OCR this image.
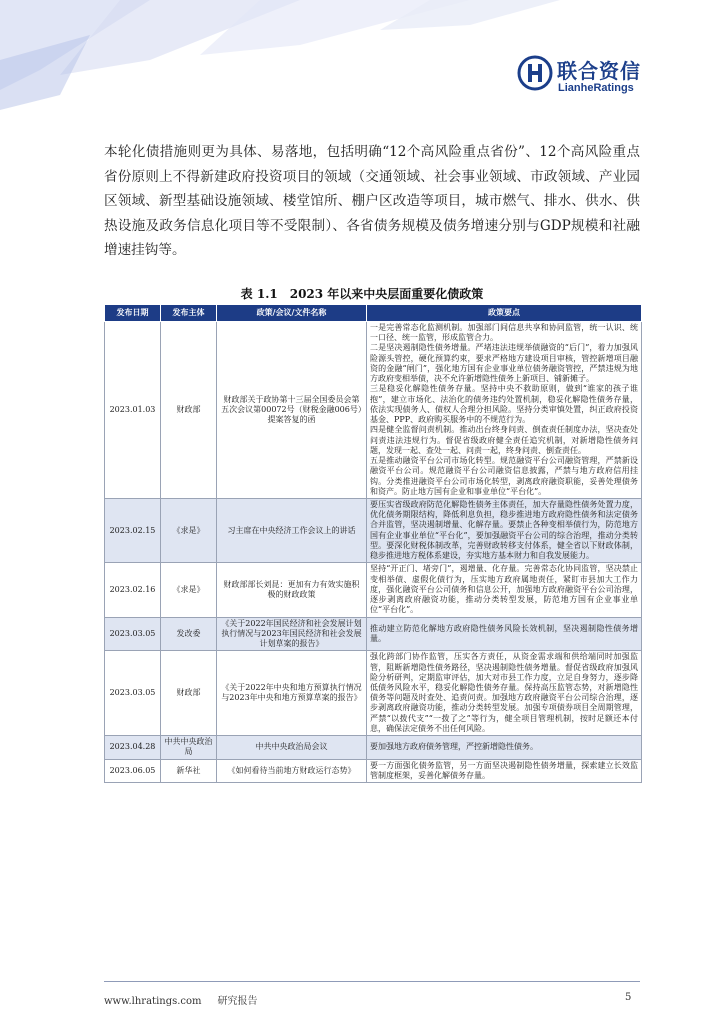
联合资信
LianheRatings

本轮化债措施则更为具体、易落地，包括明确“12个高风险重点省份”、12个高风险重点省份原则上不得新建政府投资项目的领域（交通领域、社会事业领域、市政领域、产业园区领域、新型基础设施领域、楼堂馆所、棚户区改造等项目，城市燃气、排水、供水、供热设施及政务信息化项目等不受限制）、各省债务规模及债务增速分别与GDP规模和社融增速挂钩等。

表 1.1　2023 年以来中央层面重要化债政策
发布日期	发布主体	政策/会议/文件名称	政策要点
2023.01.03	财政部	财政部关于政协第十三届全国委员会第五次会议第00072号（财税金融006号）提案答复的函	一是完善常态化监测机制。加强部门间信息共享和协同监管，统一认识、统一口径、统一监管，形成监管合力。
二是坚决遏制隐性债务增量。严堵违法违规举债融资的“后门”，着力加强风险源头管控，硬化预算约束，要求严格地方建设项目审核，管控新增项目融资的金融“闸门”，强化地方国有企业事业单位债务融资管控，严禁违规为地方政府变相举债，决不允许新增隐性债务上新项目、铺新摊子。
三是稳妥化解隐性债务存量。坚持中央不救助原则，做到“谁家的孩子谁抱”，建立市场化、法治化的债务违约处置机制，稳妥化解隐性债务存量，依法实现债务人、债权人合理分担风险。坚持分类审慎处置，纠正政府投资基金、PPP、政府购买服务中的不规范行为。
四是健全监督问责机制。推动出台终身问责、倒查责任制度办法，坚决查处问责违法违规行为。督促省级政府健全责任追究机制，对新增隐性债务问题，发现一起、查处一起、问责一起，终身问责、倒查责任。
五是推动融资平台公司市场化转型。规范融资平台公司融资管理，严禁新设融资平台公司。规范融资平台公司融资信息披露，严禁与地方政府信用挂钩。分类推进融资平台公司市场化转型，剥离政府融资职能，妥善处理债务和资产。防止地方国有企业和事业单位“平台化”。

2023.02.15	《求是》	习主席在中央经济工作会议上的讲话	要压实省级政府防范化解隐性债务主体责任，加大存量隐性债务处置力度，优化债务期限结构，降低利息负担，稳步推进地方政府隐性债务和法定债务合并监管，坚决遏制增量、化解存量。要禁止各种变相举债行为，防范地方国有企业事业单位“平台化”，要加强融资平台公司的综合治理，推动分类转型。要深化财税体制改革，完善财政转移支付体系，健全省以下财政体制，稳步推进地方税体系建设，夯实地方基本财力和自我发展能力。

2023.02.16	《求是》	财政部部长刘昆：更加有力有效实施积极的财政政策	坚持“开正门、堵旁门”，遏增量、化存量。完善常态化协同监管，坚决禁止变相举债、虚假化债行为，压实地方政府属地责任，紧盯市县加大工作力度，强化融资平台公司债务和信息公开，加强地方政府融资平台公司治理，逐步剥离政府融资功能，推动分类转型发展，防范地方国有企业事业单位“平台化”。

2023.03.05	发改委	《关于2022年国民经济和社会发展计划执行情况与2023年国民经济和社会发展计划草案的报告》	推动建立防范化解地方政府隐性债务风险长效机制，坚决遏制隐性债务增量。

2023.03.05	财政部	《关于2022年中央和地方预算执行情况与2023年中央和地方预算草案的报告》	强化跨部门协作监管，压实各方责任，从资金需求端和供给端同时加强监管，阻断新增隐性债务路径，坚决遏制隐性债务增量。督促省级政府加强风险分析研判，定期监审评估，加大对市县工作力度，立足自身努力，逐步降低债务风险水平，稳妥化解隐性债务存量。保持高压监管态势，对新增隐性债务等问题及时查处、追责问责。加强地方政府融资平台公司综合治理，逐步剥离政府融资功能，推动分类转型发展。加强专项债券项目全周期管理，严禁“以拨代支”“一拨了之”等行为，健全项目管理机制，按时足额还本付息，确保法定债务不出任何风险。

2023.04.28	中共中央政治局	中共中央政治局会议	要加强地方政府债务管理，严控新增隐性债务。

2023.06.05	新华社	《如何看待当前地方财政运行态势》	要一方面强化债务监管，另一方面坚决遏制隐性债务增量，探索建立长效监管制度框架，妥善化解债务存量。
www.lhratings.com 研究报告	5
